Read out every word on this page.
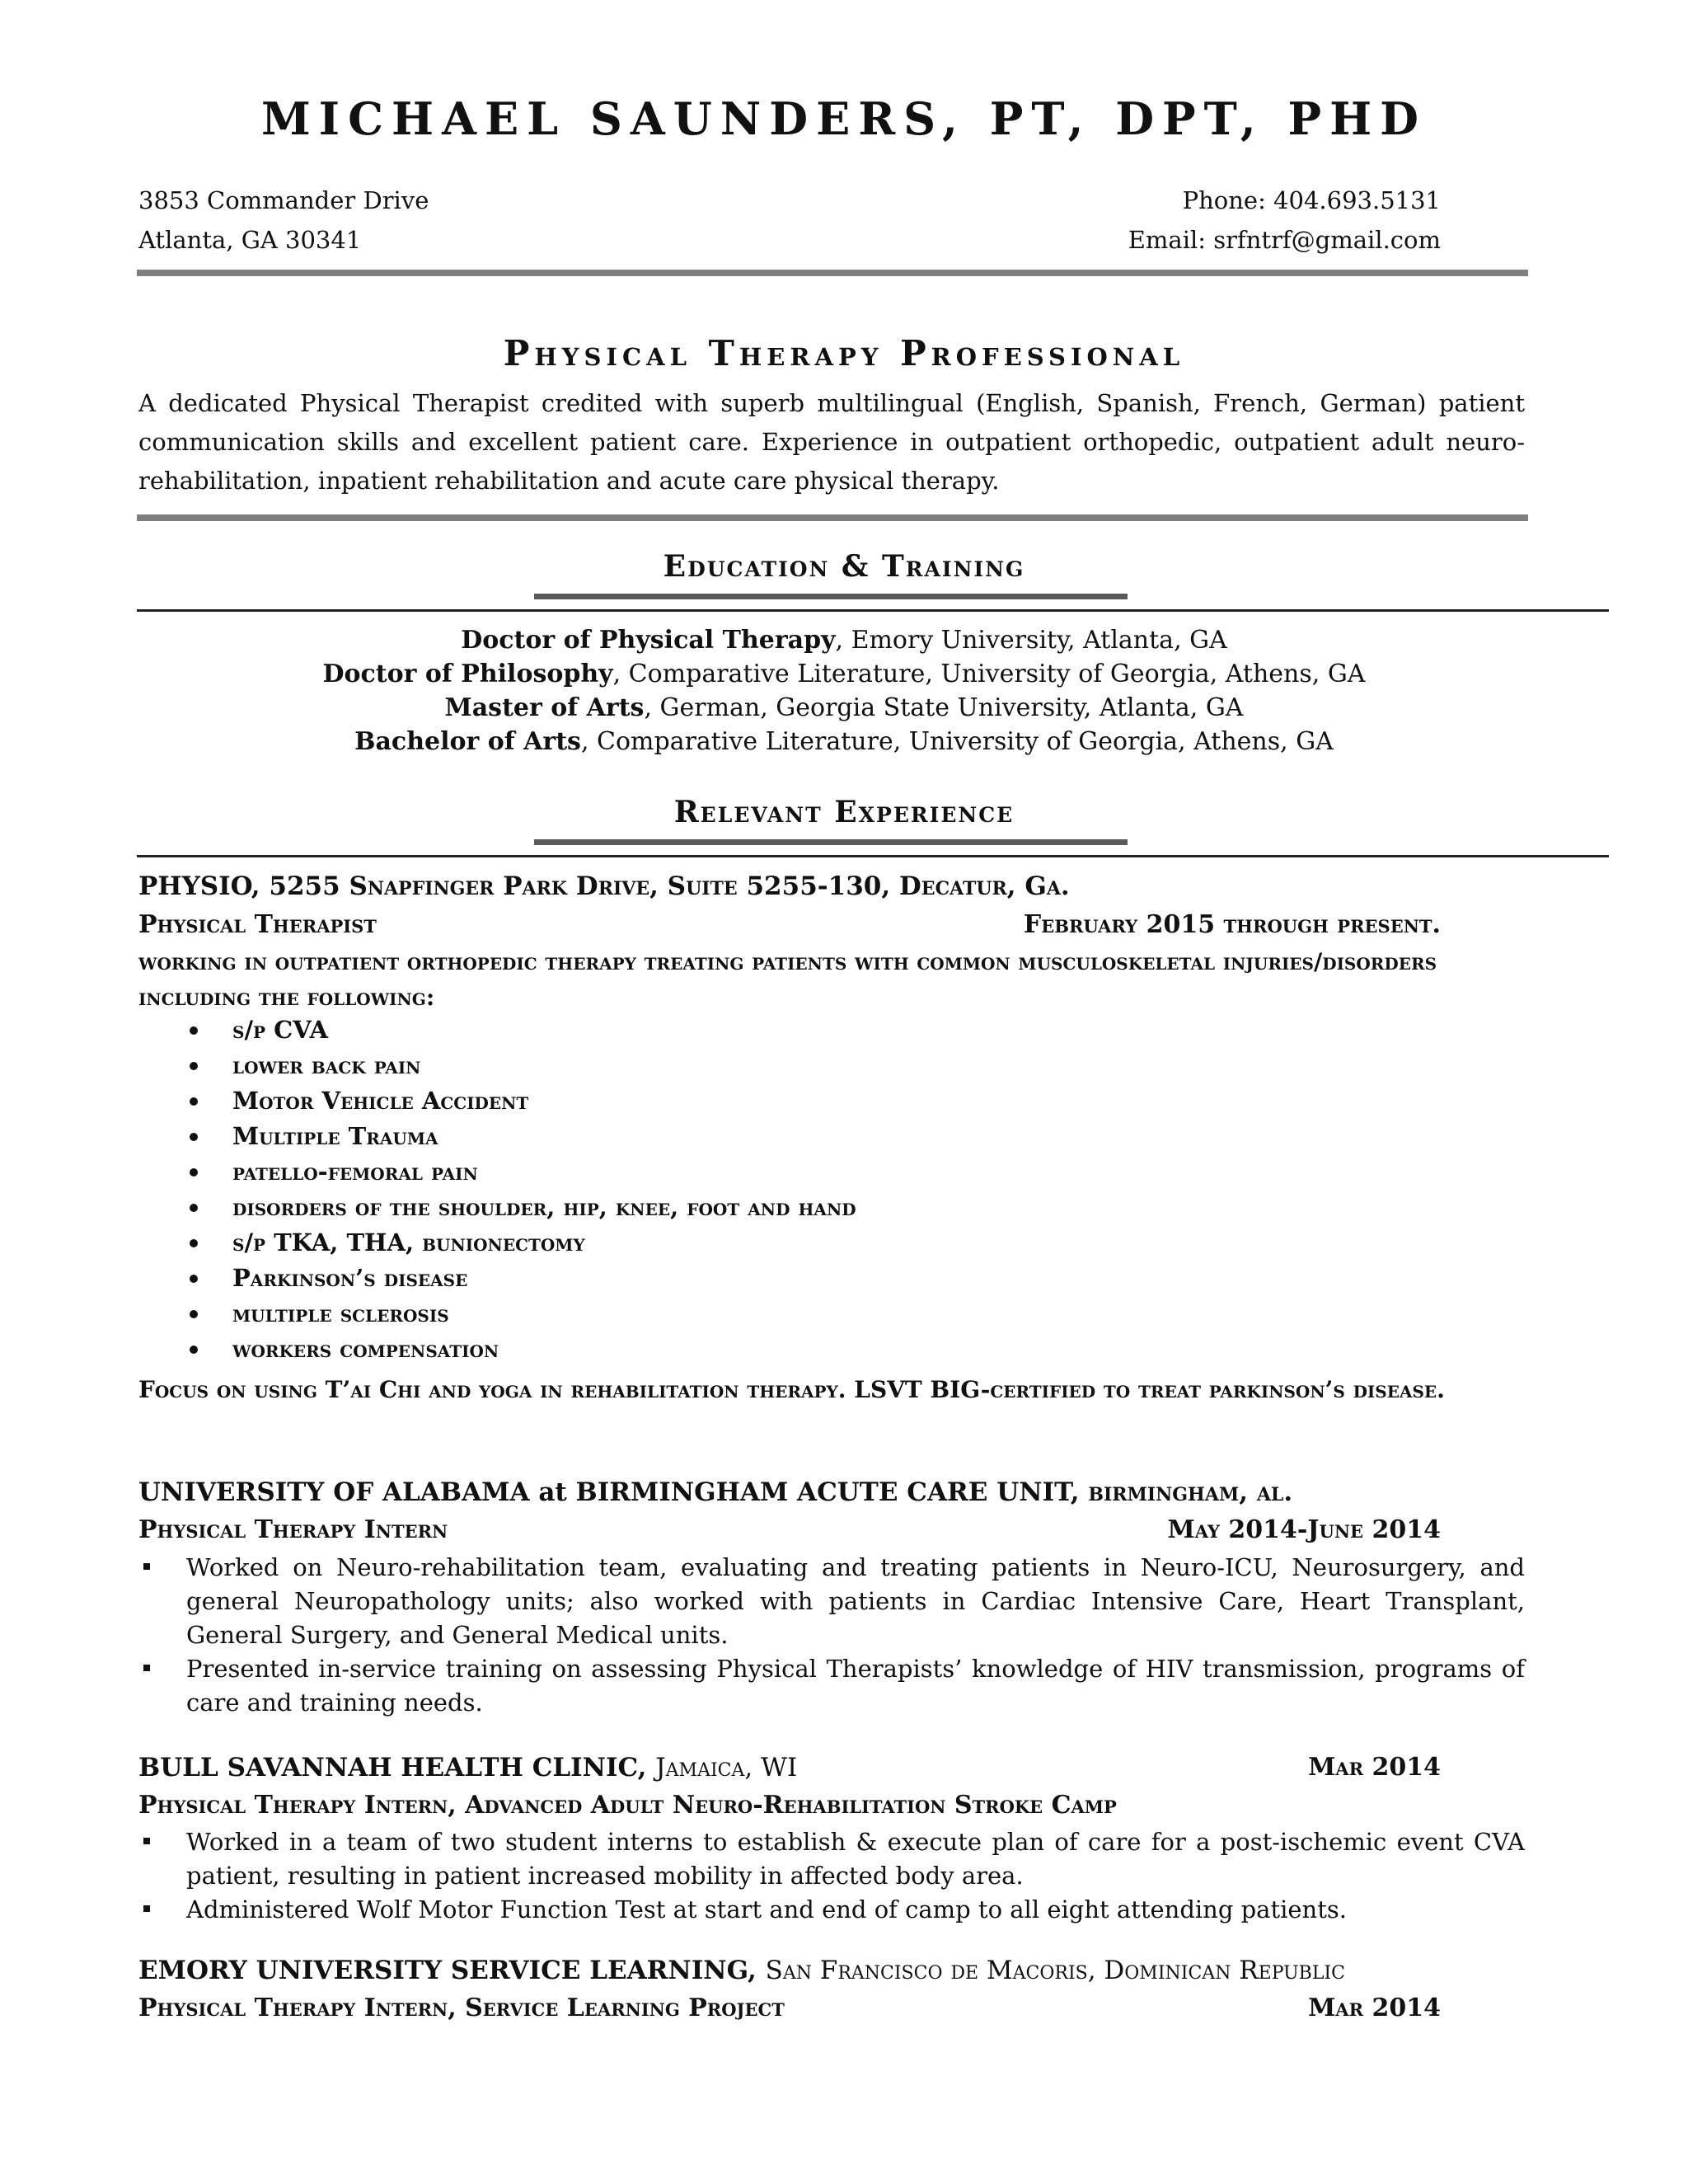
MICHAEL SAUNDERS, PT, DPT, PHD
3853 Commander Drive
Atlanta, GA 30341
Phone: 404.693.5131
Email: srfntrf@gmail.com
Physical Therapy Professional
A dedicated Physical Therapist credited with superb multilingual (English, Spanish, French, German) patient communication skills and excellent patient care. Experience in outpatient orthopedic, outpatient adult neuro-rehabilitation, inpatient rehabilitation and acute care physical therapy.
Education & Training
Doctor of Physical Therapy, Emory University, Atlanta, GA
Doctor of Philosophy, Comparative Literature, University of Georgia, Athens, GA
Master of Arts, German, Georgia State University, Atlanta, GA
Bachelor of Arts, Comparative Literature, University of Georgia, Athens, GA
Relevant Experience
PHYSIO, 5255 Snapfinger Park Drive, Suite 5255-130, Decatur, Ga.
Physical Therapist	February 2015 through present.
working in outpatient orthopedic therapy treating patients with common musculoskeletal injuries/disorders including the following:
s/p CVA
lower back pain
Motor Vehicle Accident
Multiple Trauma
patello-femoral pain
disorders of the shoulder, hip, knee, foot and hand
s/p TKA, THA, bunionectomy
Parkinson’s disease
multiple sclerosis
workers compensation
Focus on using T’ai Chi and yoga in rehabilitation therapy. LSVT BIG-certified to treat parkinson’s disease.
UNIVERSITY OF ALABAMA at BIRMINGHAM ACUTE CARE UNIT, birmingham, al.
Physical Therapy Intern	May 2014-June 2014
Worked on Neuro-rehabilitation team, evaluating and treating patients in Neuro-ICU, Neurosurgery, and general Neuropathology units; also worked with patients in Cardiac Intensive Care, Heart Transplant, General Surgery, and General Medical units.
Presented in-service training on assessing Physical Therapists’ knowledge of HIV transmission, programs of care and training needs.
BULL SAVANNAH HEALTH CLINIC, Jamaica, WI	Mar 2014
Physical Therapy Intern, Advanced Adult Neuro-Rehabilitation Stroke Camp
Worked in a team of two student interns to establish & execute plan of care for a post-ischemic event CVA patient, resulting in patient increased mobility in affected body area.
Administered Wolf Motor Function Test at start and end of camp to all eight attending patients.
EMORY UNIVERSITY SERVICE LEARNING, San Francisco de Macoris, Dominican Republic
Physical Therapy Intern, Service Learning Project	Mar 2014
